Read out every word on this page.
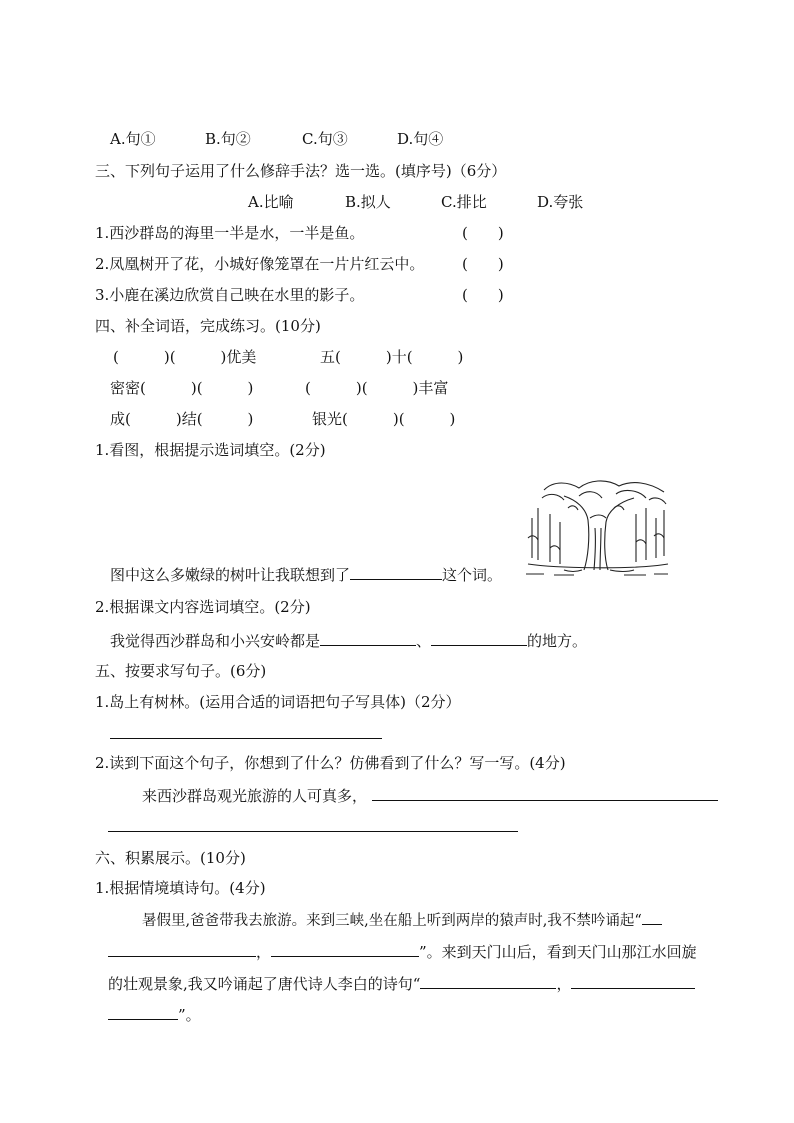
A.句①	B.句②	C.句③	D.句④
三、下列句子运用了什么修辞手法？选一选。(填序号)（6分）
A.比喻	B.拟人	C.排比	D.夸张
1.西沙群岛的海里一半是水，一半是鱼。	(　　)
2.凤凰树开了花，小城好像笼罩在一片片红云中。	(　　)
3.小鹿在溪边欣赏自己映在水里的影子。	(　　)
四、补全词语，完成练习。(10分)
(　　　)(　　　)优美	五(　　　)十(　　　)
密密(　　　)(　　　)	(　　　)(　　　)丰富
成(　　　)结(　　　)	银光(　　　)(　　　)
1.看图，根据提示选词填空。(2分)
图中这么多嫩绿的树叶让我联想到了	这个词。
2.根据课文内容选词填空。(2分)
我觉得西沙群岛和小兴安岭都是	、	的地方。
五、按要求写句子。(6分)
1.岛上有树林。(运用合适的词语把句子写具体)（2分）
2.读到下面这个句子，你想到了什么？仿佛看到了什么？写一写。(4分)
来西沙群岛观光旅游的人可真多，
六、积累展示。(10分)
1.根据情境填诗句。(4分)
暑假里,爸爸带我去旅游。来到三峡,坐在船上听到两岸的猿声时,我不禁吟诵起“
，	”。来到天门山后，看到天门山那江水回旋
的壮观景象,我又吟诵起了唐代诗人李白的诗句“	，
”。
